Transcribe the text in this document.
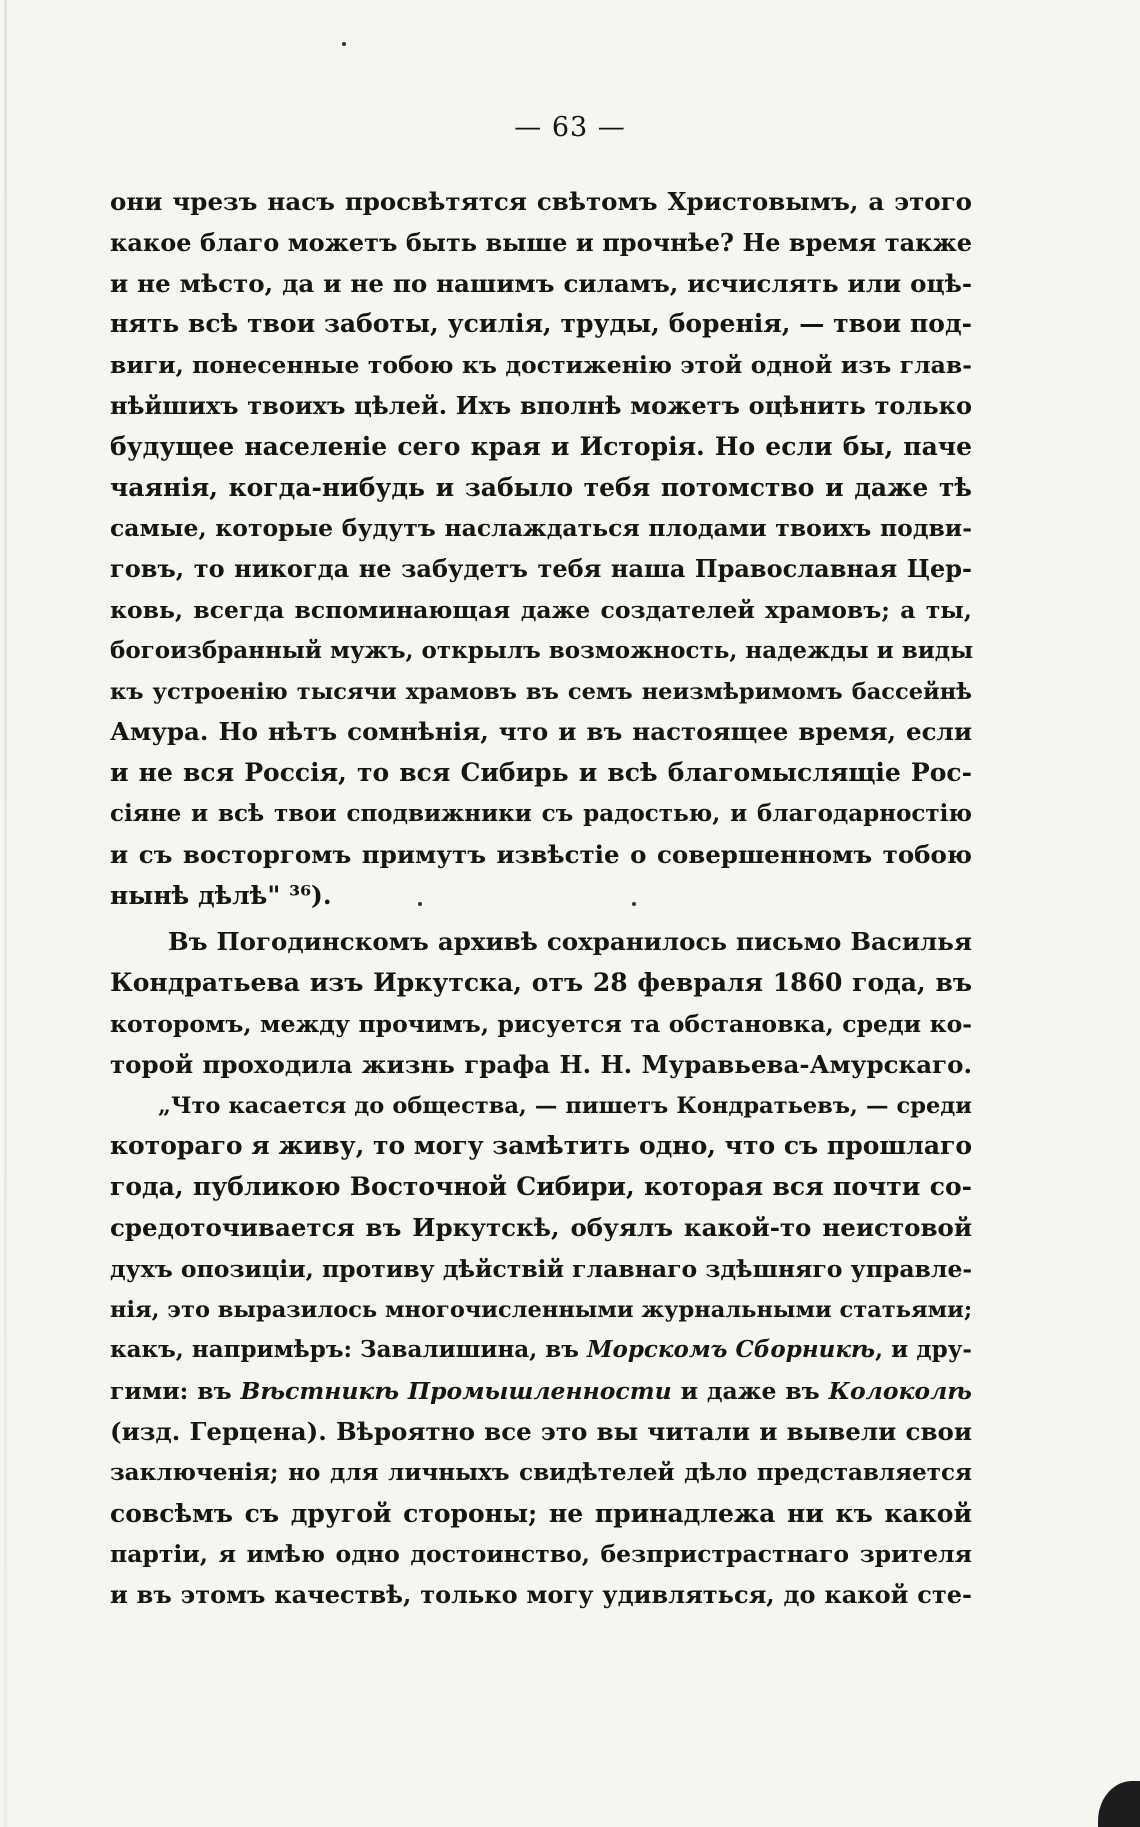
— 63 —
они чрезъ насъ просвѣтятся свѣтомъ Христовымъ, а этого
какое благо можетъ быть выше и прочнѣе? Не время также
и не мѣсто, да и не по нашимъ силамъ, исчислять или оцѣ-
нять всѣ твои заботы, усилія, труды, боренія, — твои под-
виги, понесенные тобою къ достиженію этой одной изъ глав-
нѣйшихъ твоихъ цѣлей. Ихъ вполнѣ можетъ оцѣнить только
будущее населеніе сего края и Исторія. Но если бы, паче
чаянія, когда-нибудь и забыло тебя потомство и даже тѣ
самые, которые будутъ наслаждаться плодами твоихъ подви-
говъ, то никогда не забудетъ тебя наша Православная Цер-
ковь, всегда вспоминающая даже создателей храмовъ; а ты,
богоизбранный мужъ, открылъ возможность, надежды и виды
къ устроенію тысячи храмовъ въ семъ неизмѣримомъ бассейнѣ
Амура. Но нѣтъ сомнѣнія, что и въ настоящее время, если
и не вся Россія, то вся Сибирь и всѣ благомыслящіе Рос-
сіяне и всѣ твои сподвижники съ радостью, и благодарностію
и съ восторгомъ примутъ извѣстіе о совершенномъ тобою
нынѣ дѣлѣ" ³⁶).
Въ Погодинскомъ архивѣ сохранилось письмо Василья
Кондратьева изъ Иркутска, отъ 28 февраля 1860 года, въ
которомъ, между прочимъ, рисуется та обстановка, среди ко-
торой проходила жизнь графа Н. Н. Муравьева-Амурскаго.
„Что касается до общества, — пишетъ Кондратьевъ, — среди
котораго я живу, то могу замѣтить одно, что съ прошлаго
года, публикою Восточной Сибири, которая вся почти со-
средоточивается въ Иркутскѣ, обуялъ какой-то неистовой
духъ опозиціи, противу дѣйствій главнаго здѣшняго управле-
нія, это выразилось многочисленными журнальными статьями;
какъ, напримѣръ: Завалишина, въ Морскомъ Сборникѣ, и дру-
гими: въ Вѣстникѣ Промышленности и даже въ Колоколѣ
(изд. Герцена). Вѣроятно все это вы читали и вывели свои
заключенія; но для личныхъ свидѣтелей дѣло представляется
совсѣмъ съ другой стороны; не принадлежа ни къ какой
партіи, я имѣю одно достоинство, безпристрастнаго зрителя
и въ этомъ качествѣ, только могу удивляться, до какой сте-
